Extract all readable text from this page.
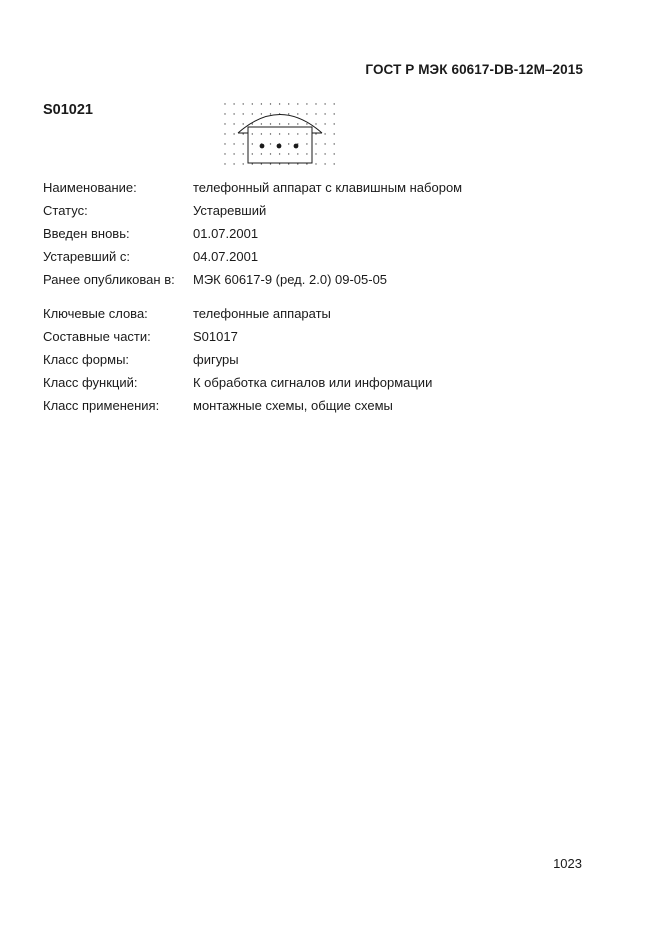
ГОСТ Р МЭК 60617-DB-12M–2015
S01021
Наименование:	телефонный аппарат с клавишным набором
Статус:	Устаревший
Введен вновь:	01.07.2001
Устаревший с:	04.07.2001
Ранее опубликован в:	МЭК 60617-9 (ред. 2.0) 09-05-05
Ключевые слова:	телефонные аппараты
Составные части:	S01017
Класс формы:	фигуры
Класс функций:	К обработка сигналов или информации
Класс применения:	монтажные схемы, общие схемы
1023
